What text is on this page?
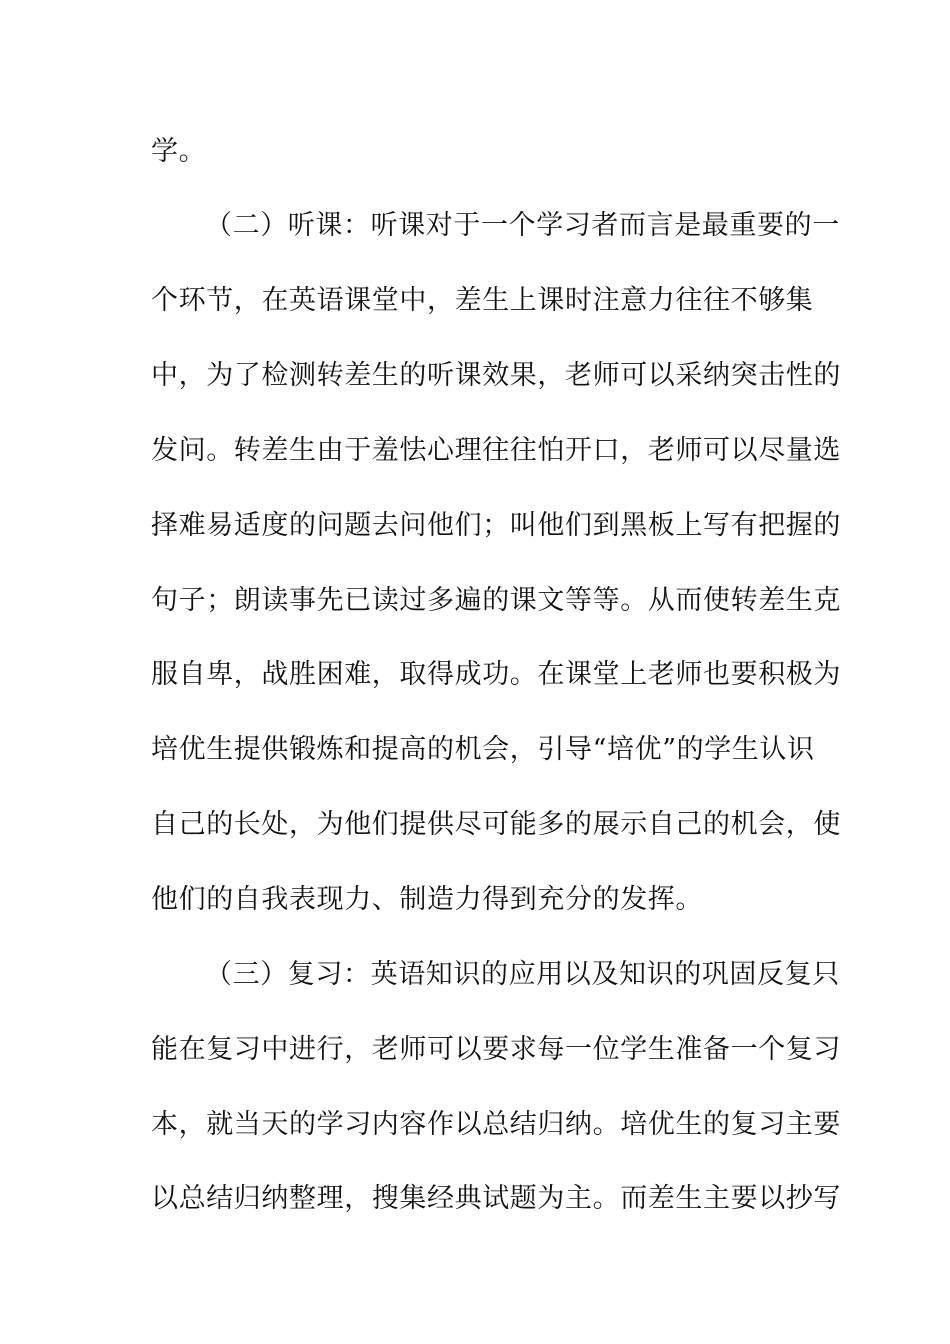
学。
（二）听课：听课对于一个学习者而言是最重要的一
个环节，在英语课堂中，差生上课时注意力往往不够集
中，为了检测转差生的听课效果，老师可以采纳突击性的
发问。转差生由于羞怯心理往往怕开口，老师可以尽量选
择难易适度的问题去问他们；叫他们到黑板上写有把握的
句子；朗读事先已读过多遍的课文等等。从而使转差生克
服自卑，战胜困难，取得成功。在课堂上老师也要积极为
培优生提供锻炼和提高的机会，引导“培优”的学生认识
自己的长处，为他们提供尽可能多的展示自己的机会，使
他们的自我表现力、制造力得到充分的发挥。
（三）复习：英语知识的应用以及知识的巩固反复只
能在复习中进行，老师可以要求每一位学生准备一个复习
本，就当天的学习内容作以总结归纳。培优生的复习主要
以总结归纳整理，搜集经典试题为主。而差生主要以抄写
